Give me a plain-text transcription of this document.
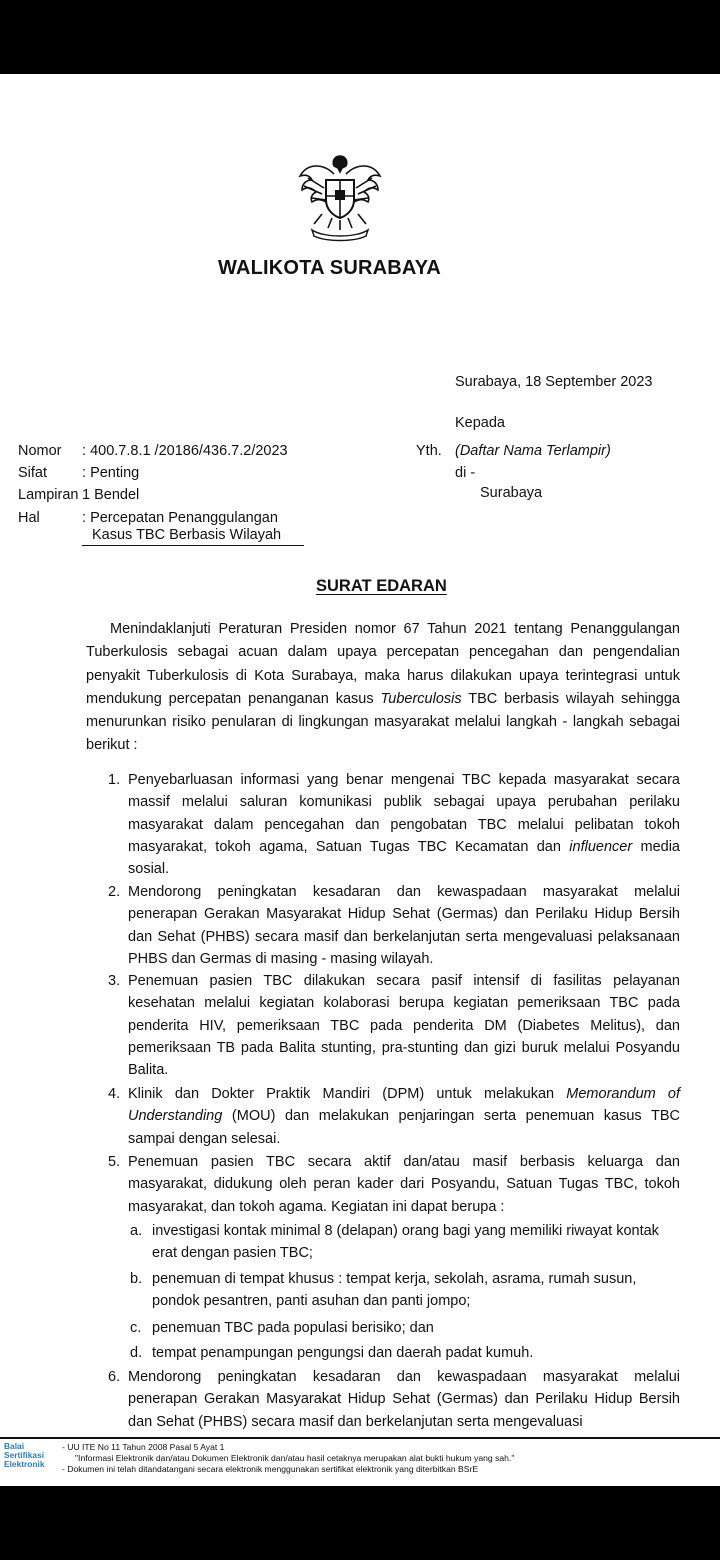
WALIKOTA SURABAYA
Surabaya, 18 September 2023
Kepada
Yth. (Daftar Nama Terlampir)
di -
Surabaya
Nomor : 400.7.8.1 /20186/436.7.2/2023
Sifat : Penting
Lampiran 1 Bendel
Hal	: Percepatan Penanggulangan
Kasus TBC Berbasis Wilayah
SURAT EDARAN
Menindaklanjuti Peraturan Presiden nomor 67 Tahun 2021 tentang Penanggulangan Tuberkulosis sebagai acuan dalam upaya percepatan pencegahan dan pengendalian penyakit Tuberkulosis di Kota Surabaya, maka harus dilakukan upaya terintegrasi untuk mendukung percepatan penanganan kasus Tuberculosis TBC berbasis wilayah sehingga menurunkan risiko penularan di lingkungan masyarakat melalui langkah - langkah sebagai berikut :
1. Penyebarluasan informasi yang benar mengenai TBC kepada masyarakat secara massif melalui saluran komunikasi publik sebagai upaya perubahan perilaku masyarakat dalam pencegahan dan pengobatan TBC melalui pelibatan tokoh masyarakat, tokoh agama, Satuan Tugas TBC Kecamatan dan influencer media sosial.
2. Mendorong peningkatan kesadaran dan kewaspadaan masyarakat melalui penerapan Gerakan Masyarakat Hidup Sehat (Germas) dan Perilaku Hidup Bersih dan Sehat (PHBS) secara masif dan berkelanjutan serta mengevaluasi pelaksanaan PHBS dan Germas di masing - masing wilayah.
3. Penemuan pasien TBC dilakukan secara pasif intensif di fasilitas pelayanan kesehatan melalui kegiatan kolaborasi berupa kegiatan pemeriksaan TBC pada penderita HIV, pemeriksaan TBC pada penderita DM (Diabetes Melitus), dan pemeriksaan TB pada Balita stunting, pra-stunting dan gizi buruk melalui Posyandu Balita.
4. Klinik dan Dokter Praktik Mandiri (DPM) untuk melakukan Memorandum of Understanding (MOU) dan melakukan penjaringan serta penemuan kasus TBC sampai dengan selesai.
5. Penemuan pasien TBC secara aktif dan/atau masif berbasis keluarga dan masyarakat, didukung oleh peran kader dari Posyandu, Satuan Tugas TBC, tokoh masyarakat, dan tokoh agama. Kegiatan ini dapat berupa :
a. investigasi kontak minimal 8 (delapan) orang bagi yang memiliki riwayat kontak erat dengan pasien TBC;
b. penemuan di tempat khusus : tempat kerja, sekolah, asrama, rumah susun, pondok pesantren, panti asuhan dan panti jompo;
c. penemuan TBC pada populasi berisiko; dan
d. tempat penampungan pengungsi dan daerah padat kumuh.
6. Mendorong peningkatan kesadaran dan kewaspadaan masyarakat melalui penerapan Gerakan Masyarakat Hidup Sehat (Germas) dan Perilaku Hidup Bersih dan Sehat (PHBS) secara masif dan berkelanjutan serta mengevaluasi
Balai
Sertifikasi
Elektronik
- UU ITE No 11 Tahun 2008 Pasal 5 Ayat 1
"Informasi Elektronik dan/atau Dokumen Elektronik dan/atau hasil cetaknya merupakan alat bukti hukum yang sah."
- Dokumen ini telah ditandatangani secara elektronik menggunakan sertifikat elektronik yang diterbitkan BSrE
